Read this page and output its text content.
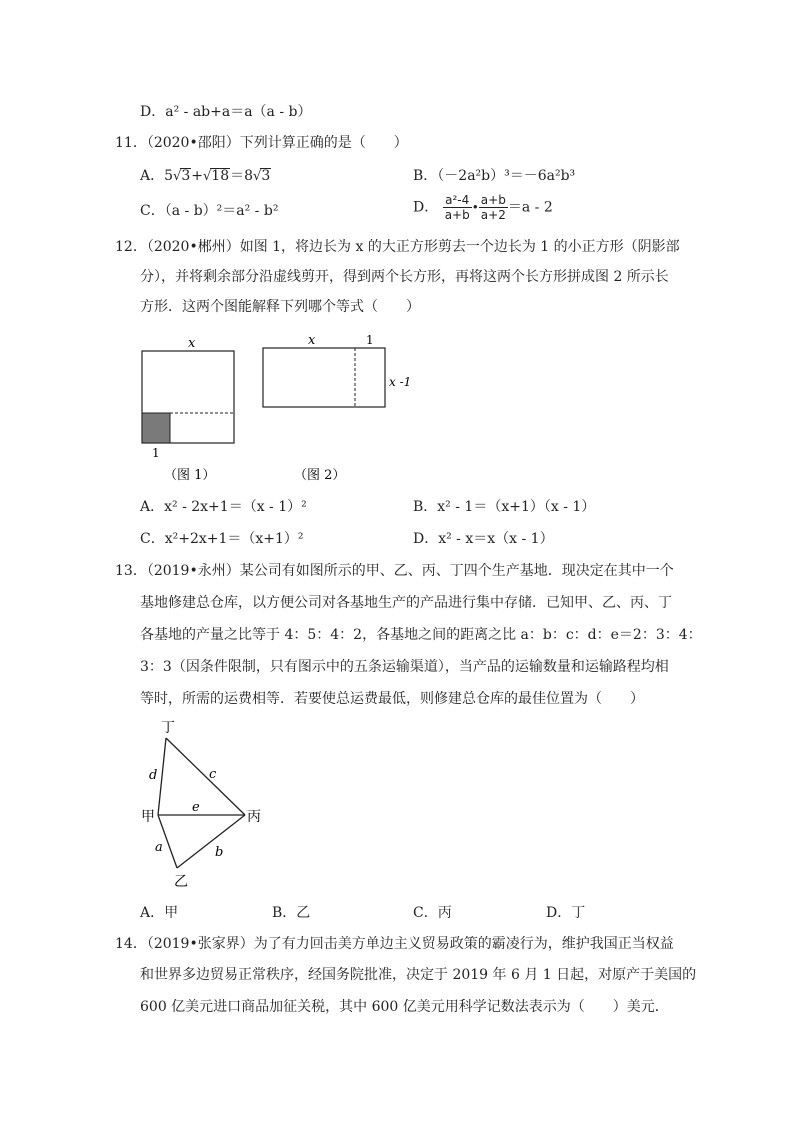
D．a² - ab+a＝a（a - b）
11．（2020•邵阳）下列计算正确的是（　　）
A．5√3+√18＝8√3	B．（－2a²b）³＝－6a²b³
C．（a - b）²＝a² - b²	D． $\frac{\text{a²-4}}{a+b}$ • $\frac{a+b}{a+2} =a - 2$
12．（2020•郴州）如图 1，将边长为 x 的大正方形剪去一个边长为 1 的小正方形（阴影部
分），并将剩余部分沿虚线剪开，得到两个长方形，再将这两个长方形拼成图 2 所示长
方形．这两个图能解释下列哪个等式（　　）
x
1
（图 1）
x	1
x -1
（图 2）
A．x² - 2x+1＝（x - 1）²	B．x² - 1＝（x+1）（x - 1）
C．x²+2x+1＝（x+1）²	D．x² - x＝x（x - 1）
13．（2019•永州）某公司有如图所示的甲、乙、丙、丁四个生产基地．现决定在其中一个
基地修建总仓库，以方便公司对各基地生产的产品进行集中存储．已知甲、乙、丙、丁
各基地的产量之比等于 4：5：4：2，各基地之间的距离之比 a：b：c：d：e＝2：3：4：
3：3（因条件限制，只有图示中的五条运输渠道），当产品的运输数量和运输路程均相
等时，所需的运费相等．若要使总运费最低，则修建总仓库的最佳位置为（　　）
丁
甲	丙
乙
d	c
e
a	b
A．甲	B．乙	C．丙	D．丁
14．（2019•张家界）为了有力回击美方单边主义贸易政策的霸凌行为，维护我国正当权益
和世界多边贸易正常秩序，经国务院批准，决定于 2019 年 6 月 1 日起，对原产于美国的
600 亿美元进口商品加征关税，其中 600 亿美元用科学记数法表示为（　　）美元．
